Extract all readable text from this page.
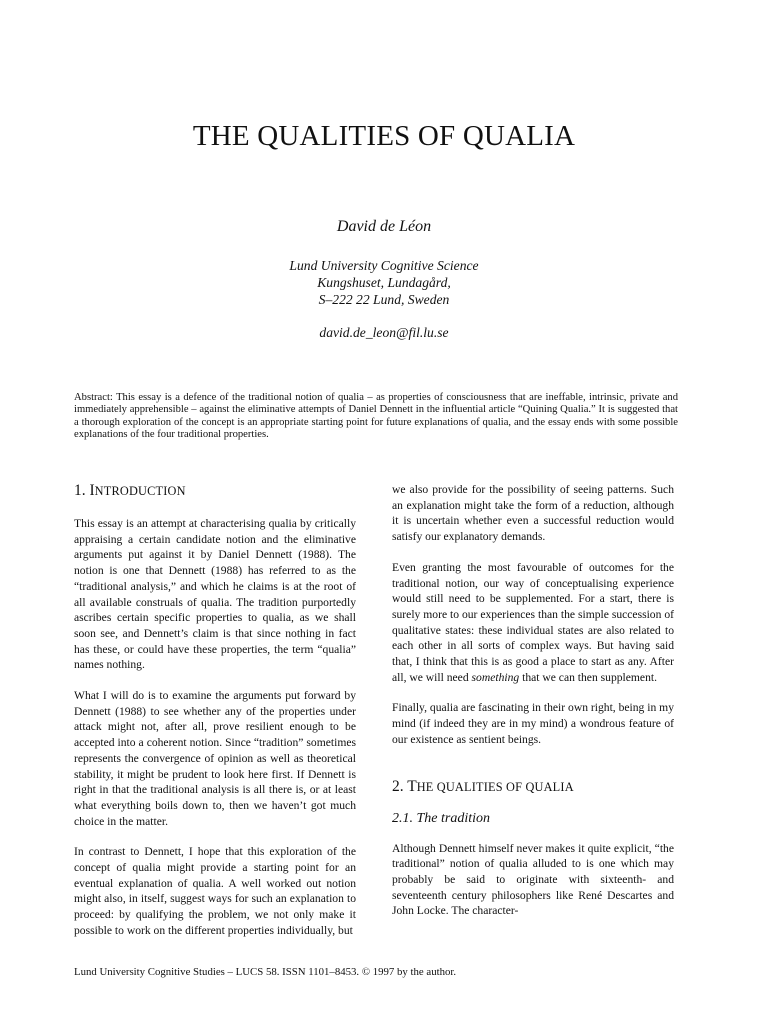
THE QUALITIES OF QUALIA
David de Léon
Lund University Cognitive Science
Kungshuset, Lundagård,
S–222 22 Lund, Sweden
david.de_leon@fil.lu.se

Abstract: This essay is a defence of the traditional notion of qualia – as properties of consciousness that are ineffable, intrinsic, private and immediately apprehensible – against the eliminative attempts of Daniel Dennett in the influential article “Quining Qualia.” It is suggested that a thorough exploration of the concept is an appropriate starting point for future explanations of qualia, and the essay ends with some possible explanations of the four traditional properties.

1. INTRODUCTION

This essay is an attempt at characterising qualia by critically appraising a certain candidate notion and the eliminative arguments put against it by Daniel Dennett (1988). The notion is one that Dennett (1988) has referred to as the “traditional analysis,” and which he claims is at the root of all available construals of qualia. The tradition purportedly ascribes certain specific properties to qualia, as we shall soon see, and Dennett’s claim is that since nothing in fact has these, or could have these properties, the term “qualia” names nothing.

What I will do is to examine the arguments put forward by Dennett (1988) to see whether any of the properties under attack might not, after all, prove resilient enough to be accepted into a coherent notion. Since “tradition” sometimes represents the convergence of opinion as well as theoretical stability, it might be prudent to look here first. If Dennett is right in that the traditional analysis is all there is, or at least what everything boils down to, then we haven’t got much choice in the matter.

In contrast to Dennett, I hope that this exploration of the concept of qualia might provide a starting point for an eventual explanation of qualia. A well worked out notion might also, in itself, suggest ways for such an explanation to proceed: by qualifying the problem, we not only make it possible to work on the different properties individually, but

we also provide for the possibility of seeing patterns. Such an explanation might take the form of a reduction, although it is uncertain whether even a successful reduction would satisfy our explanatory demands.

Even granting the most favourable of outcomes for the traditional notion, our way of conceptualising experience would still need to be supplemented. For a start, there is surely more to our experiences than the simple succession of qualitative states: these individual states are also related to each other in all sorts of complex ways. But having said that, I think that this is as good a place to start as any. After all, we will need something that we can then supplement.

Finally, qualia are fascinating in their own right, being in my mind (if indeed they are in my mind) a wondrous feature of our existence as sentient beings.

2. THE QUALITIES OF QUALIA
2.1. The tradition

Although Dennett himself never makes it quite explicit, “the traditional” notion of qualia alluded to is one which may probably be said to originate with sixteenth- and seventeenth century philosophers like René Descartes and John Locke. The character-

Lund University Cognitive Studies – LUCS 58. ISSN 1101–8453. © 1997 by the author.
